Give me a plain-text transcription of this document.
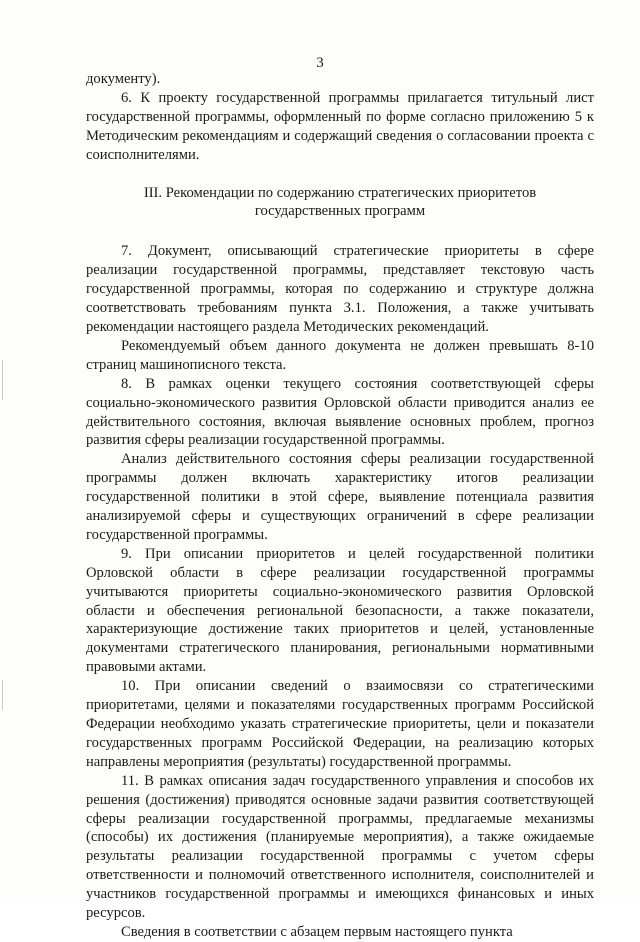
3

документу).

6. К проекту государственной программы прилагается титульный лист государственной программы, оформленный по форме согласно приложению 5 к Методическим рекомендациям и содержащий сведения о согласовании проекта с соисполнителями.

III. Рекомендации по содержанию стратегических приоритетов
государственных программ

7. Документ, описывающий стратегические приоритеты в сфере реализации государственной программы, представляет текстовую часть государственной программы, которая по содержанию и структуре должна соответствовать требованиям пункта 3.1. Положения, а также учитывать рекомендации настоящего раздела Методических рекомендаций.

Рекомендуемый объем данного документа не должен превышать 8-10 страниц машинописного текста.

8. В рамках оценки текущего состояния соответствующей сферы социально-экономического развития Орловской области приводится анализ ее действительного состояния, включая выявление основных проблем, прогноз развития сферы реализации государственной программы.

Анализ действительного состояния сферы реализации государственной программы должен включать характеристику итогов реализации государственной политики в этой сфере, выявление потенциала развития анализируемой сферы и существующих ограничений в сфере реализации государственной программы.

9. При описании приоритетов и целей государственной политики Орловской области в сфере реализации государственной программы учитываются приоритеты социально-экономического развития Орловской области и обеспечения региональной безопасности, а также показатели, характеризующие достижение таких приоритетов и целей, установленные документами стратегического планирования, региональными нормативными правовыми актами.

10. При описании сведений о взаимосвязи со стратегическими приоритетами, целями и показателями государственных программ Российской Федерации необходимо указать стратегические приоритеты, цели и показатели государственных программ Российской Федерации, на реализацию которых направлены мероприятия (результаты) государственной программы.

11. В рамках описания задач государственного управления и способов их решения (достижения) приводятся основные задачи развития соответствующей сферы реализации государственной программы, предлагаемые механизмы (способы) их достижения (планируемые мероприятия), а также ожидаемые результаты реализации государственной программы с учетом сферы ответственности и полномочий ответственного исполнителя, соисполнителей и участников государственной программы и имеющихся финансовых и иных ресурсов.

Сведения в соответствии с абзацем первым настоящего пункта
